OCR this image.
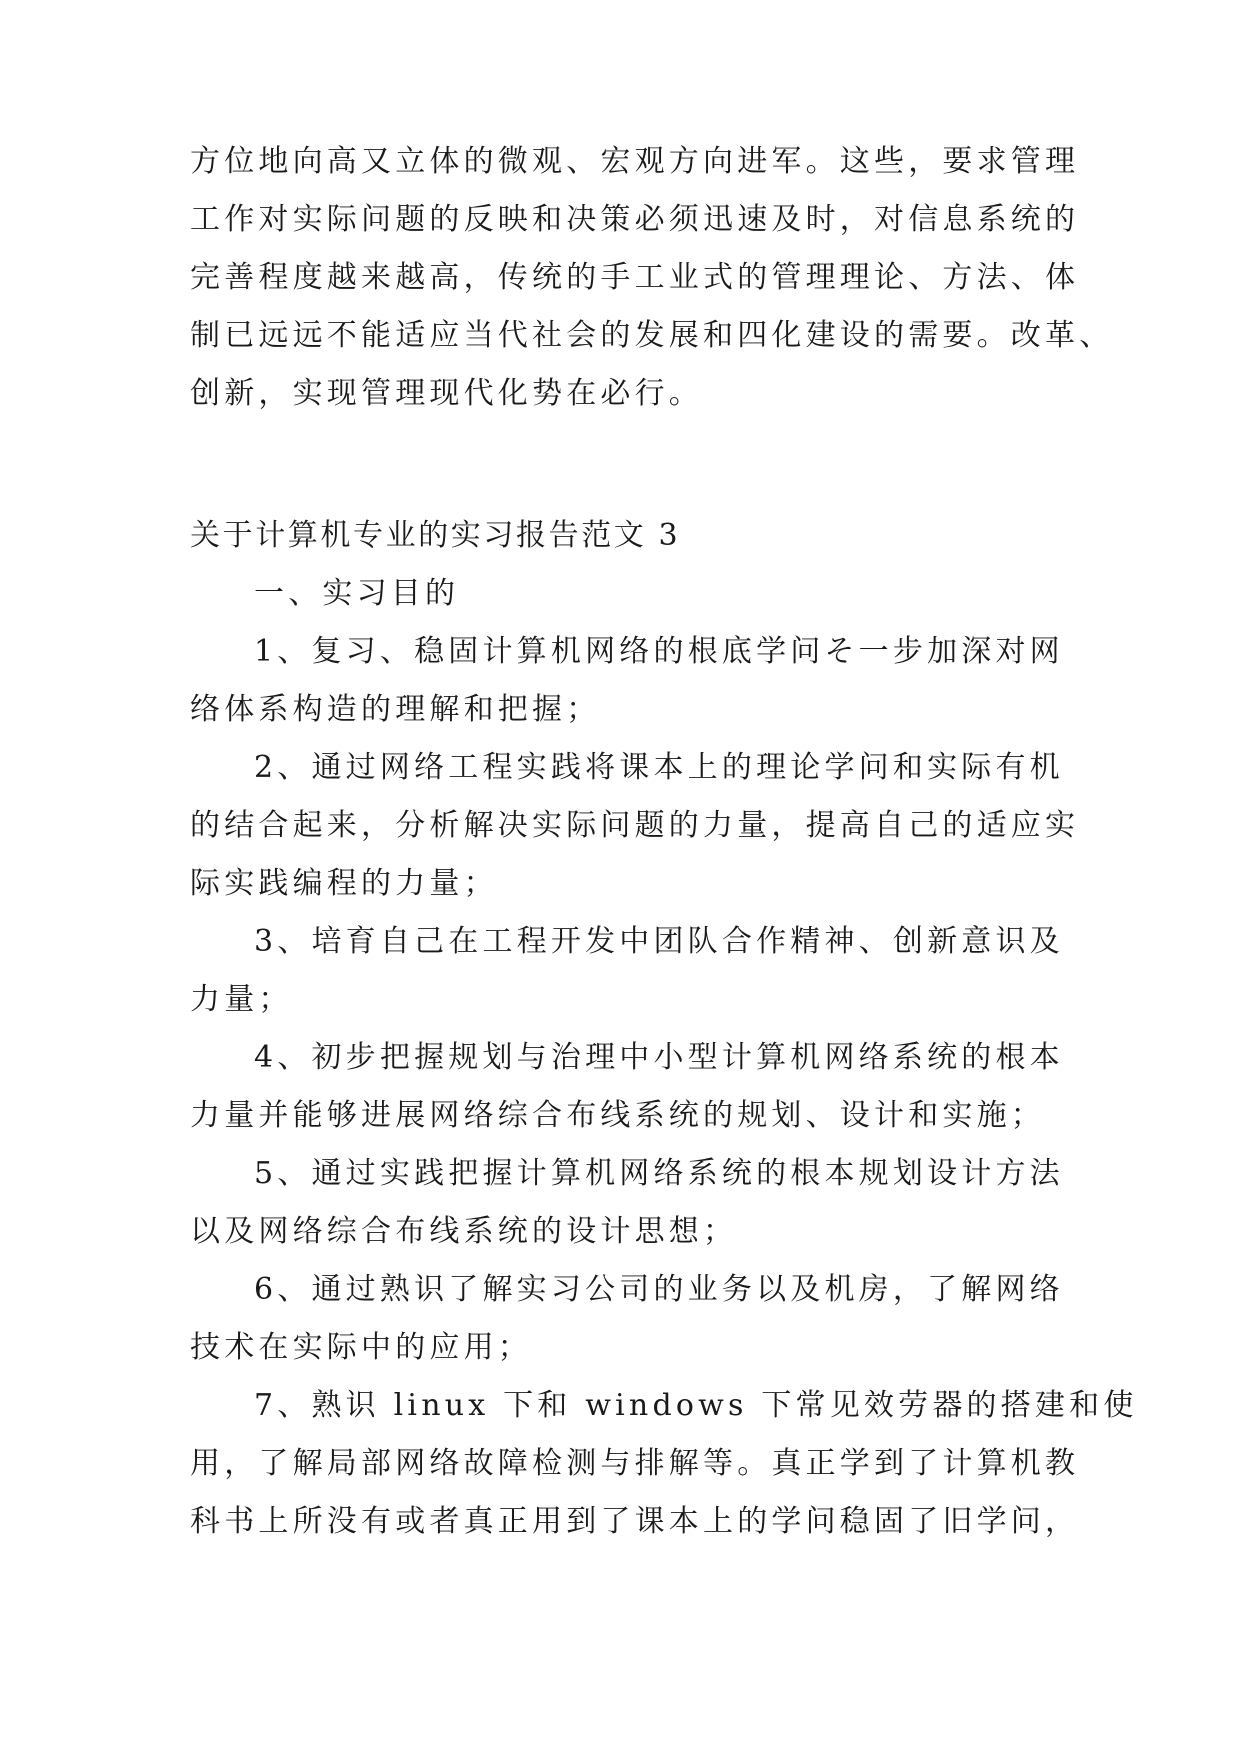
方位地向高又立体的微观、宏观方向进军。这些，要求管理
工作对实际问题的反映和决策必须迅速及时，对信息系统的
完善程度越来越高，传统的手工业式的管理理论、方法、体
制已远远不能适应当代社会的发展和四化建设的需要。改革、
创新，实现管理现代化势在必行。
关于计算机专业的实习报告范文 3
一、实习目的
1、复习、稳固计算机网络的根底学问そ一步加深对网
络体系构造的理解和把握；
2、通过网络工程实践将课本上的理论学问和实际有机
的结合起来，分析解决实际问题的力量，提高自己的适应实
际实践编程的力量；
3、培育自己在工程开发中团队合作精神、创新意识及
力量；
4、初步把握规划与治理中小型计算机网络系统的根本
力量并能够进展网络综合布线系统的规划、设计和实施；
5、通过实践把握计算机网络系统的根本规划设计方法
以及网络综合布线系统的设计思想；
6、通过熟识了解实习公司的业务以及机房，了解网络
技术在实际中的应用；
7、熟识 linux 下和 windows 下常见效劳器的搭建和使
用，了解局部网络故障检测与排解等。真正学到了计算机教
科书上所没有或者真正用到了课本上的学问稳固了旧学问，
